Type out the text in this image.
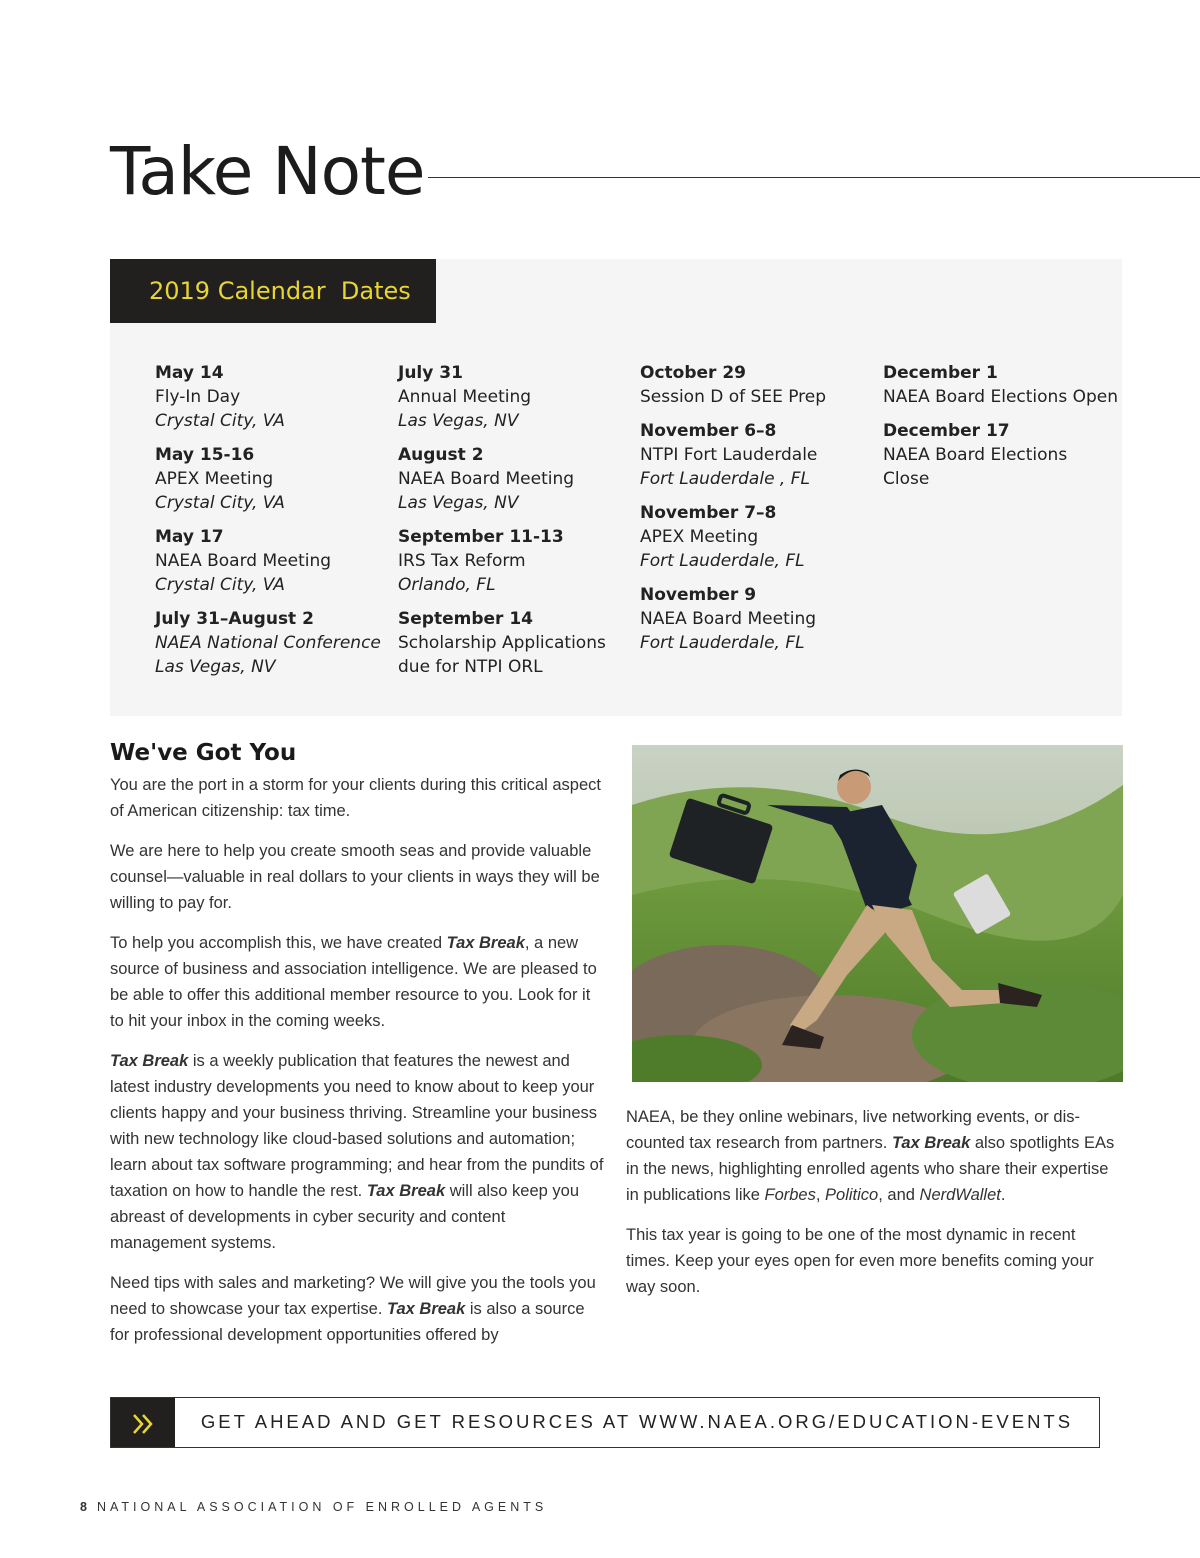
Take Note
2019 Calendar  Dates
May 14
Fly-In Day
Crystal City, VA
May 15-16
APEX Meeting
Crystal City, VA
May 17
NAEA Board Meeting
Crystal City, VA
July 31–August 2
NAEA National Conference
Las Vegas, NV
July 31
Annual Meeting
Las Vegas, NV
August 2
NAEA Board Meeting
Las Vegas, NV
September 11-13
IRS Tax Reform
Orlando, FL
September 14
Scholarship Applications
due for NTPI ORL
October 29
Session D of SEE Prep
November 6–8
NTPI Fort Lauderdale
Fort Lauderdale , FL
November 7–8
APEX Meeting
Fort Lauderdale, FL
November 9
NAEA Board Meeting
Fort Lauderdale, FL
December 1
NAEA Board Elections Open
December 17
NAEA Board Elections
Close
We've Got You

You are the port in a storm for your clients during this critical aspect of American citizenship: tax time.

We are here to help you create smooth seas and provide valuable counsel—valuable in real dollars to your clients in ways they will be willing to pay for.

To help you accomplish this, we have created Tax Break, a new source of business and association intelligence. We are pleased to be able to offer this additional member resource to you. Look for it to hit your inbox in the coming weeks.

Tax Break is a weekly publication that features the newest and latest industry developments you need to know about to keep your clients happy and your business thriving. Streamline your business with new technology like cloud-based solutions and automation; learn about tax software programming; and hear from the pundits of taxation on how to handle the rest. Tax Break will also keep you abreast of developments in cyber security and content management systems.

Need tips with sales and marketing? We will give you the tools you need to showcase your tax expertise. Tax Break is also a source for professional development opportunities offered by

NAEA, be they online webinars, live networking events, or dis-counted tax research from partners. Tax Break also spotlights EAs in the news, highlighting enrolled agents who share their expertise in publications like Forbes, Politico, and NerdWallet.

This tax year is going to be one of the most dynamic in recent times. Keep your eyes open for even more benefits coming your way soon.

GET AHEAD AND GET RESOURCES AT WWW.NAEA.ORG/EDUCATION-EVENTS
8 NATIONAL ASSOCIATION OF ENROLLED AGENTS
